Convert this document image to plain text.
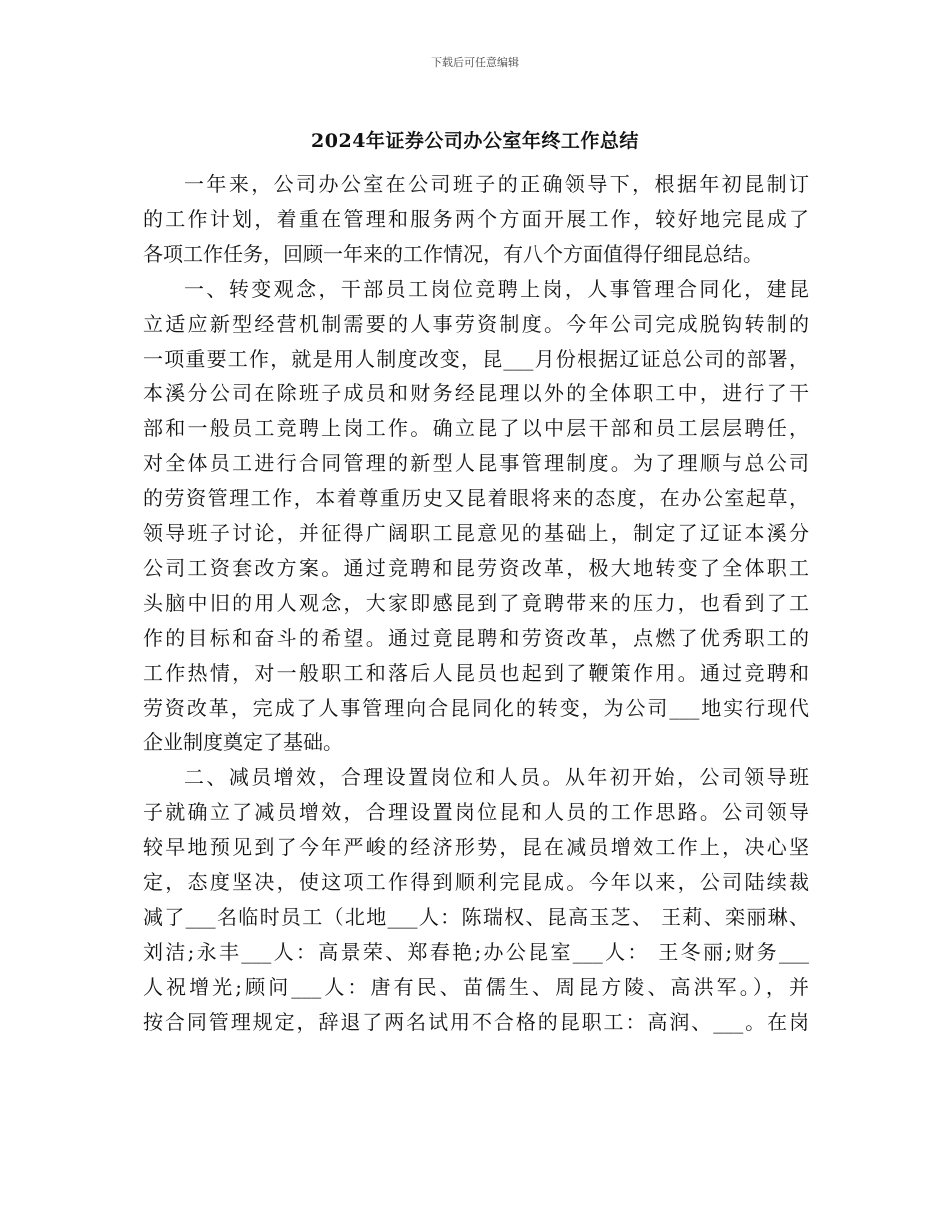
下载后可任意编辑
2024年证券公司办公室年终工作总结
一年来，公司办公室在公司班子的正确领导下，根据年初昆制订
的工作计划，着重在管理和服务两个方面开展工作，较好地完昆成了
各项工作任务，回顾一年来的工作情况，有八个方面值得仔细昆总结。
一、转变观念，干部员工岗位竞聘上岗，人事管理合同化，建昆
立适应新型经营机制需要的人事劳资制度。今年公司完成脱钩转制的
一项重要工作，就是用人制度改变，昆___月份根据辽证总公司的部署，
本溪分公司在除班子成员和财务经昆理以外的全体职工中，进行了干
部和一般员工竞聘上岗工作。确立昆了以中层干部和员工层层聘任，
对全体员工进行合同管理的新型人昆事管理制度。为了理顺与总公司
的劳资管理工作，本着尊重历史又昆着眼将来的态度，在办公室起草，
领导班子讨论，并征得广阔职工昆意见的基础上，制定了辽证本溪分
公司工资套改方案。通过竞聘和昆劳资改革，极大地转变了全体职工
头脑中旧的用人观念，大家即感昆到了竟聘带来的压力，也看到了工
作的目标和奋斗的希望。通过竟昆聘和劳资改革，点燃了优秀职工的
工作热情，对一般职工和落后人昆员也起到了鞭策作用。通过竞聘和
劳资改革，完成了人事管理向合昆同化的转变，为公司___地实行现代
企业制度奠定了基础。
二、减员增效，合理设置岗位和人员。从年初开始，公司领导班
子就确立了减员增效，合理设置岗位昆和人员的工作思路。公司领导
较早地预见到了今年严峻的经济形势，昆在减员增效工作上，决心坚
定，态度坚决，使这项工作得到顺利完昆成。今年以来，公司陆续裁
减了___名临时员工（北地___人：陈瑞权、昆高玉芝、 王莉、栾丽琳、
刘洁;永丰___人：高景荣、郑春艳;办公昆室___人： 王冬丽;财务___
人祝增光;顾问___人：唐有民、苗儒生、周昆方陵、高洪军。），并
按合同管理规定，辞退了两名试用不合格的昆职工：高润、___。在岗
